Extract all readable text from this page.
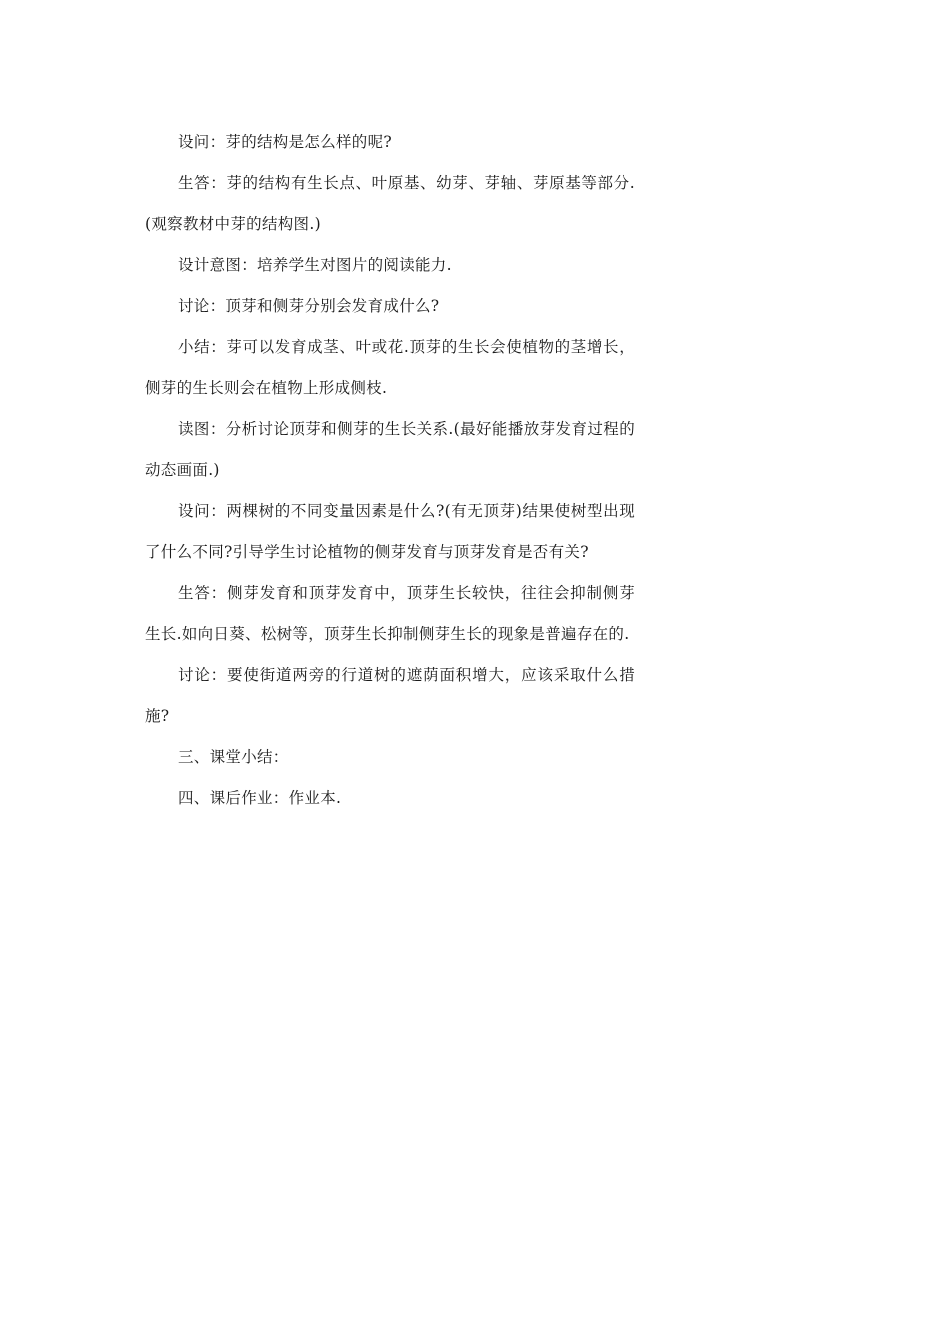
设问：芽的结构是怎么样的呢?

生答：芽的结构有生长点、叶原基、幼芽、芽轴、芽原基等部分.(观察教材中芽的结构图.)

设计意图：培养学生对图片的阅读能力.

讨论：顶芽和侧芽分别会发育成什么?

小结：芽可以发育成茎、叶或花.顶芽的生长会使植物的茎增长，侧芽的生长则会在植物上形成侧枝.

读图：分析讨论顶芽和侧芽的生长关系.(最好能播放芽发育过程的动态画面.)

设问：两棵树的不同变量因素是什么?(有无顶芽)结果使树型出现了什么不同?引导学生讨论植物的侧芽发育与顶芽发育是否有关?

生答：侧芽发育和顶芽发育中，顶芽生长较快，往往会抑制侧芽生长.如向日葵、松树等，顶芽生长抑制侧芽生长的现象是普遍存在的.

讨论：要使街道两旁的行道树的遮荫面积增大，应该采取什么措施?

三、课堂小结：

四、课后作业：作业本.
